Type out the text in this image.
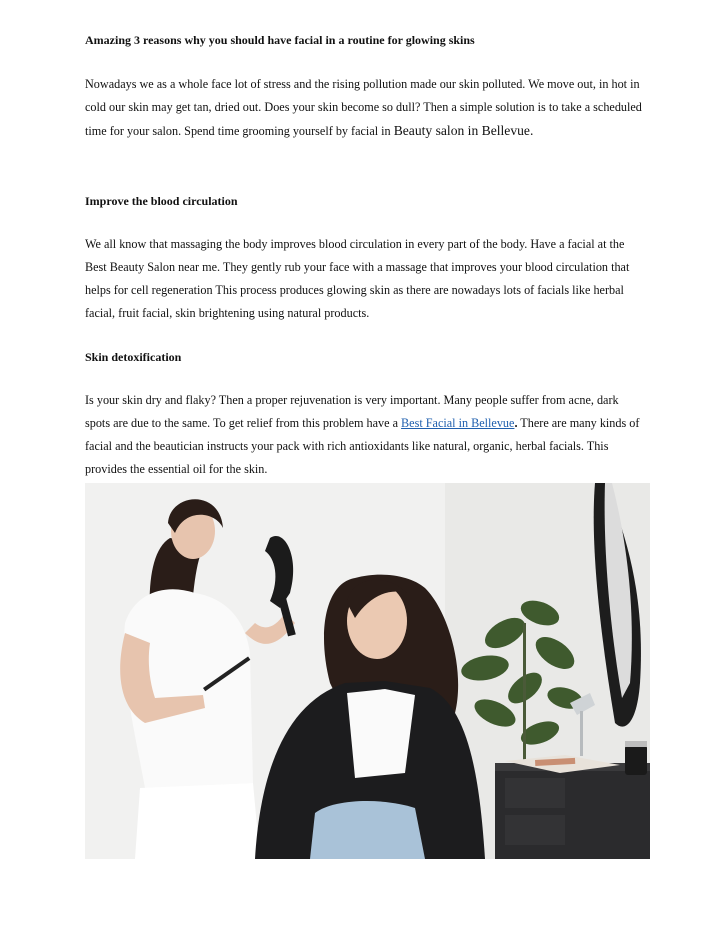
Amazing 3 reasons why you should have facial in a routine for glowing skins

Nowadays we as a whole face lot of stress and the rising pollution made our skin polluted. We move out, in hot in cold our skin may get tan, dried out. Does your skin become so dull? Then a simple solution is to take a scheduled time for your salon. Spend time grooming yourself by facial in Beauty salon in Bellevue.

Improve the blood circulation

We all know that massaging the body improves blood circulation in every part of the body. Have a facial at the Best Beauty Salon near me. They gently rub your face with a massage that improves your blood circulation that helps for cell regeneration This process produces glowing skin as there are nowadays lots of facials like herbal facial, fruit facial, skin brightening using natural products.

Skin detoxification

Is your skin dry and flaky? Then a proper rejuvenation is very important. Many people suffer from acne, dark spots are due to the same. To get relief from this problem have a Best Facial in Bellevue. There are many kinds of facial and the beautician instructs your pack with rich antioxidants like natural, organic, herbal facials. This provides the essential oil for the skin.
